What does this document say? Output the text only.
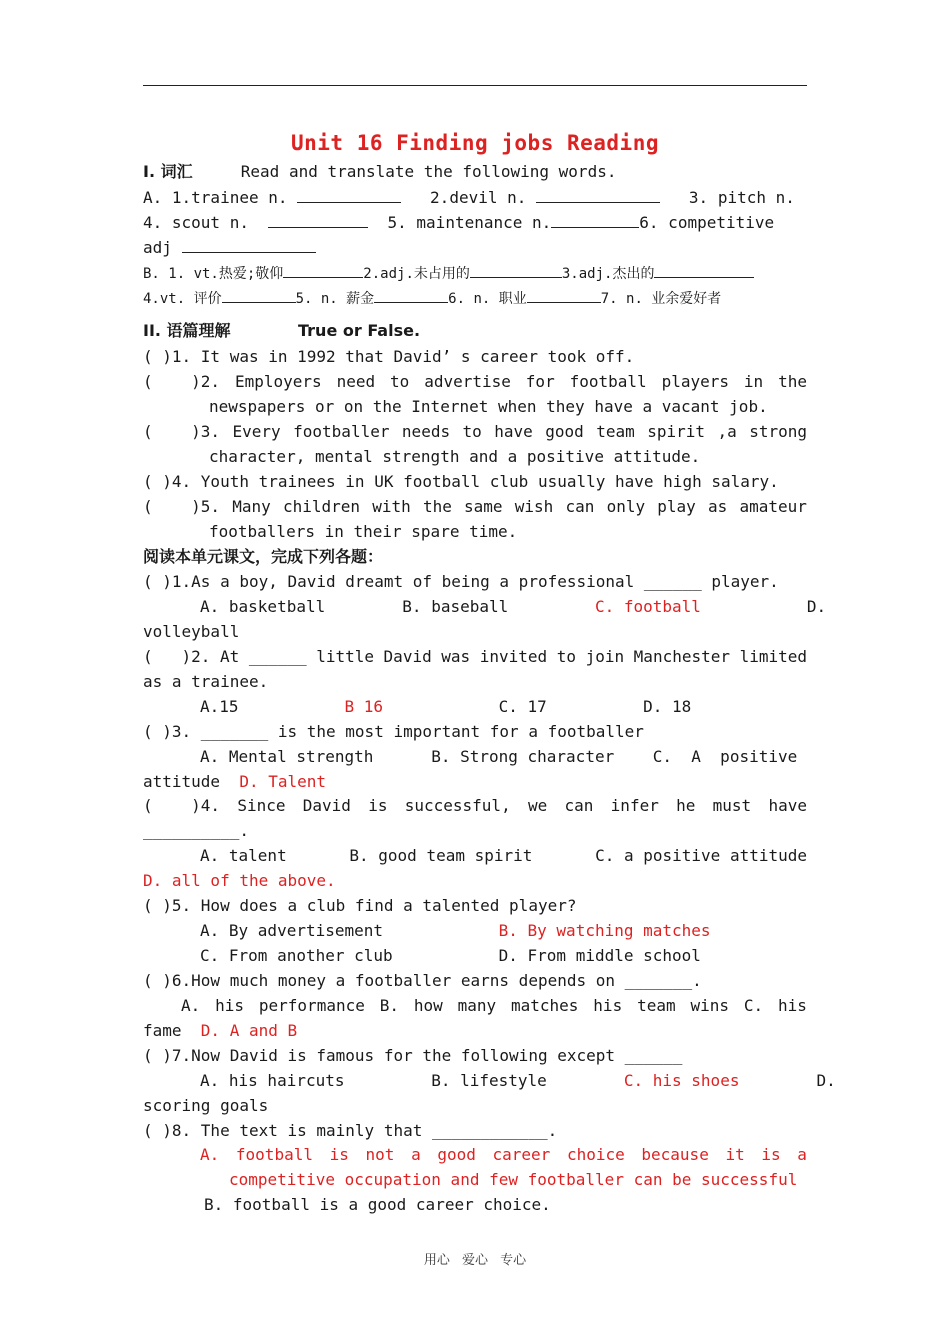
Unit 16 Finding jobs Reading
I. 词汇	Read and translate the following words.
A. 1.trainee n.	2.devil n.	3. pitch n.
4. scout n.	5. maintenance n.	6. competitive
adj
B. 1. vt.热爱;敬仰	2.adj.未占用的	3.adj.杰出的
4.vt. 评价	5. n. 薪金	6. n. 职业	7. n. 业余爱好者
II. 语篇理解	True or False.
( )1. It was in 1992 that David’ s career took off.
(    )2. Employers need to advertise for football players in the
newspapers or on the Internet when they have a vacant job.
(    )3. Every footballer needs to have good team spirit ,a strong
character, mental strength and a positive attitude.
( )4. Youth trainees in UK football club usually have high salary.
(    )5. Many children with the same wish can only play as amateur
footballers in their spare time.
阅读本单元课文，完成下列各题：
( )1.As a boy, David dreamt of being a professional ______ player.
A. basketball	B. baseball	C. football	D.
volleyball
(   )2. At ______ little David was invited to join Manchester limited
as a trainee.
A.15	B 16	C. 17	D. 18
( )3. _______ is the most important for a footballer
A. Mental strength	B. Strong character C.  A  positive
attitude D. Talent
(    )4. Since David is successful, we can infer he must have
__________.
A. talent	B. good team spirit	C. a positive attitude
D. all of the above.
( )5. How does a club find a talented player?
A. By advertisement	B. By watching matches
C. From another club	D. From middle school
( )6.How much money a footballer earns depends on _______.
A. his performance B. how many matches his team wins C. his
fame D. A and B
( )7.Now David is famous for the following except ______
A. his haircuts	B. lifestyle	C. his shoes	D.
scoring goals
( )8. The text is mainly that ____________.
A. football is not a good career choice because it is a
competitive occupation and few footballer can be successful
B. football is a good career choice.
用心 爱心 专心
